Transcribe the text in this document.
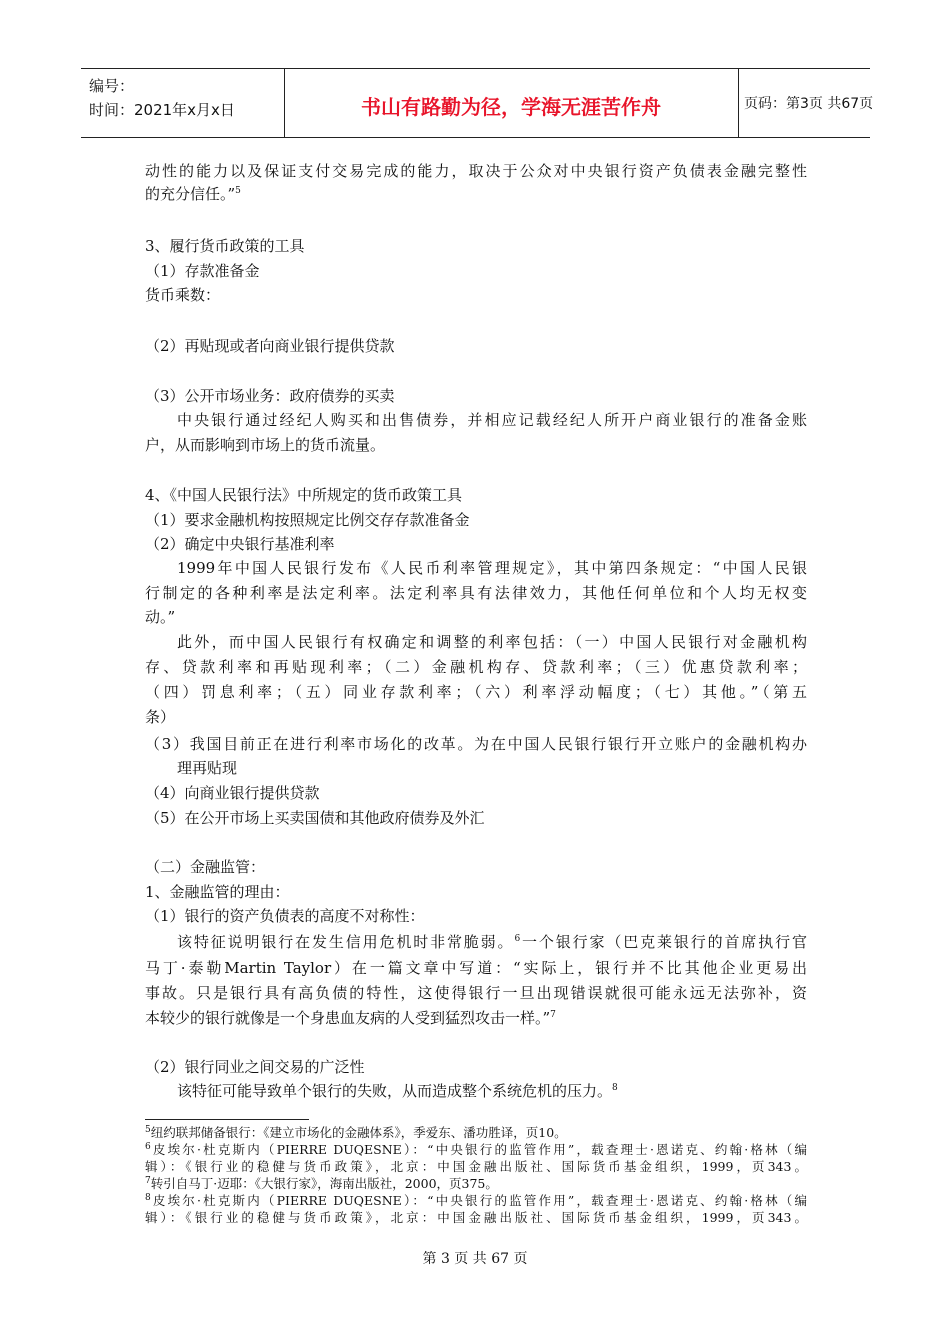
编号：
时间：2021年x月x日	书山有路勤为径，学海无涯苦作舟	页码：第3页 共67页
动性的能力以及保证支付交易完成的能力，取决于公众对中央银行资产负债表金融完整性
的充分信任。”$^5$
3、履行货币政策的工具
（1）存款准备金
货币乘数：
（2）再贴现或者向商业银行提供贷款
（3）公开市场业务：政府债券的买卖
中央银行通过经纪人购买和出售债券，并相应记载经纪人所开户商业银行的准备金账
户，从而影响到市场上的货币流量。
4、《中国人民银行法》中所规定的货币政策工具
（1）要求金融机构按照规定比例交存存款准备金
（2）确定中央银行基准利率
1999年中国人民银行发布《人民币利率管理规定》，其中第四条规定：“中国人民银
行制定的各种利率是法定利率。法定利率具有法律效力，其他任何单位和个人均无权变
动。”
此外，而中国人民银行有权确定和调整的利率包括：（一）中国人民银行对金融机构
存、贷款利率和再贴现利率；（二）金融机构存、贷款利率；（三）优惠贷款利率；
（四）罚息利率；（五）同业存款利率；（六）利率浮动幅度；（七）其他。”（第五
条）
（3）我国目前正在进行利率市场化的改革。为在中国人民银行银行开立账户的金融机构办
理再贴现
（4）向商业银行提供贷款
（5）在公开市场上买卖国债和其他政府债券及外汇
（二）金融监管：
1、金融监管的理由：
（1）银行的资产负债表的高度不对称性：
该特征说明银行在发生信用危机时非常脆弱。$^6$一个银行家（巴克莱银行的首席执行官
马丁·泰勒Martin Taylor）在一篇文章中写道：“实际上，银行并不比其他企业更易出
事故。只是银行具有高负债的特性，这使得银行一旦出现错误就很可能永远无法弥补，资
本较少的银行就像是一个身患血友病的人受到猛烈攻击一样。”$^7$
（2）银行同业之间交易的广泛性
该特征可能导致单个银行的失败，从而造成整个系统危机的压力。$^8$
$^5$纽约联邦储备银行：《建立市场化的金融体系》，季爱东、潘功胜译，页10。
$^6$皮埃尔·杜克斯内（PIERRE DUQESNE）：“中央银行的监管作用”，载查理士·恩诺克、约翰·格林（编
辑）：《银行业的稳健与货币政策》，北京：中国金融出版社、国际货币基金组织，1999，页343。
$^7$转引自马丁·迈耶：《大银行家》，海南出版社，2000，页375。
$^8$皮埃尔·杜克斯内（PIERRE DUQESNE）：“中央银行的监管作用”，载查理士·恩诺克、约翰·格林（编
辑）：《银行业的稳健与货币政策》，北京：中国金融出版社、国际货币基金组织，1999，页343。
第 3 页 共 67 页
